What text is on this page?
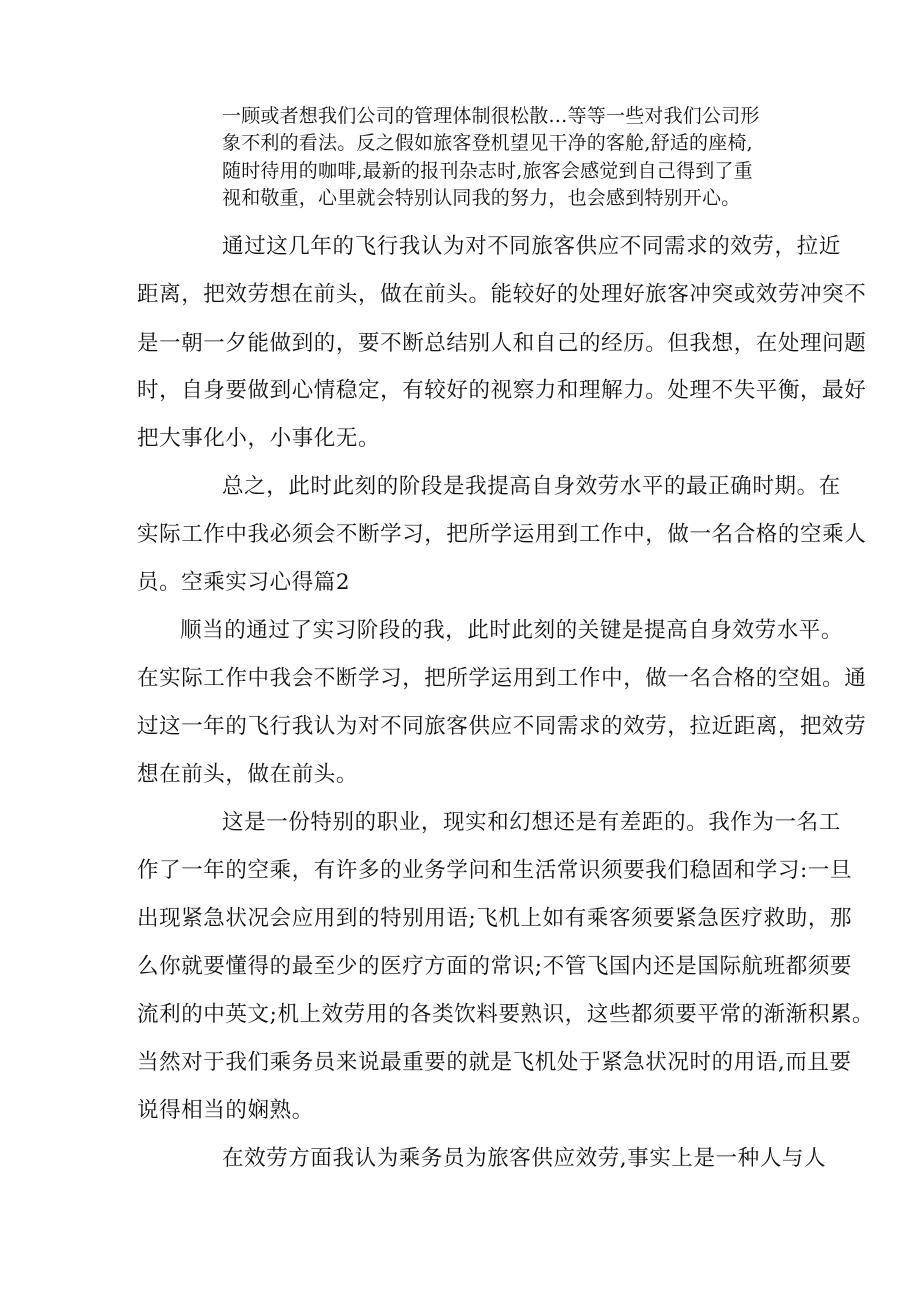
一顾或者想我们公司的管理体制很松散…等等一些对我们公司形

象不利的看法。反之假如旅客登机望见干净的客舱,舒适的座椅,

随时待用的咖啡,最新的报刊杂志时,旅客会感觉到自己得到了重

视和敬重，心里就会特别认同我的努力，也会感到特别开心。

通过这几年的飞行我认为对不同旅客供应不同需求的效劳，拉近

距离，把效劳想在前头，做在前头。能较好的处理好旅客冲突或效劳冲突不

是一朝一夕能做到的，要不断总结别人和自己的经历。但我想，在处理问题

时，自身要做到心情稳定，有较好的视察力和理解力。处理不失平衡，最好

把大事化小，小事化无。

总之，此时此刻的阶段是我提高自身效劳水平的最正确时期。在

实际工作中我必须会不断学习，把所学运用到工作中，做一名合格的空乘人

员。空乘实习心得篇2

顺当的通过了实习阶段的我，此时此刻的关键是提高自身效劳水平。

在实际工作中我会不断学习，把所学运用到工作中，做一名合格的空姐。通

过这一年的飞行我认为对不同旅客供应不同需求的效劳，拉近距离，把效劳

想在前头，做在前头。

这是一份特别的职业，现实和幻想还是有差距的。我作为一名工

作了一年的空乘，有许多的业务学问和生活常识须要我们稳固和学习:一旦

出现紧急状况会应用到的特别用语;飞机上如有乘客须要紧急医疗救助，那

么你就要懂得的最至少的医疗方面的常识;不管飞国内还是国际航班都须要

流利的中英文;机上效劳用的各类饮料要熟识，这些都须要平常的渐渐积累。

当然对于我们乘务员来说最重要的就是飞机处于紧急状况时的用语,而且要

说得相当的娴熟。

在效劳方面我认为乘务员为旅客供应效劳,事实上是一种人与人
